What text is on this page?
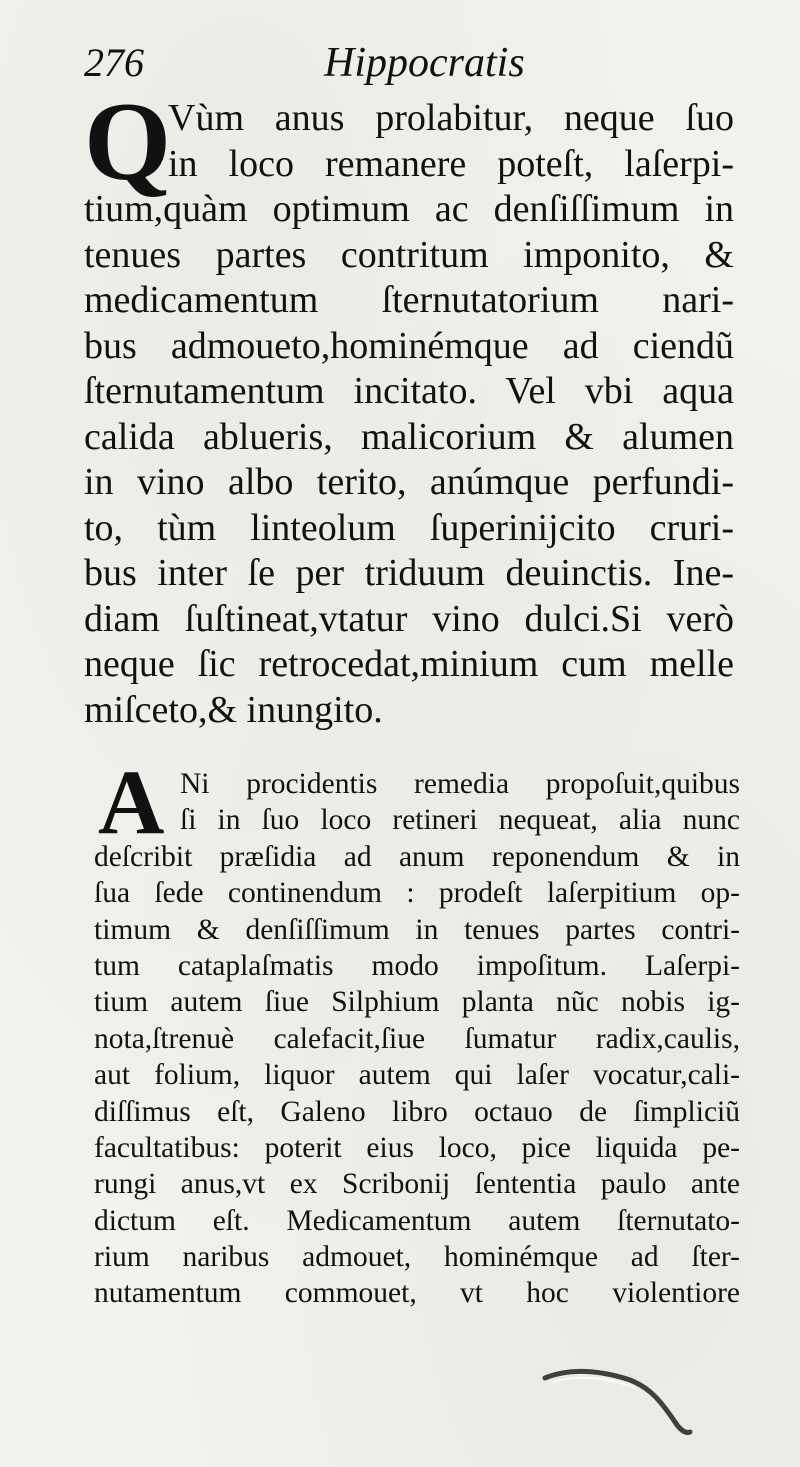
276	Hippocratis
Q
Vùm anus prolabitur, neque ſuo
in loco remanere poteſt, laſerpi-
tium,quàm optimum ac denſiſſimum in
tenues partes contritum imponito, &
medicamentum ſternutatorium nari-
bus admoueto,hominémque ad ciendũ
ſternutamentum incitato. Vel vbi aqua
calida ablueris, malicorium & alumen
in vino albo terito, anúmque perfundi-
to, tùm linteolum ſuperinijcito cruri-
bus inter ſe per triduum deuinctis. Ine-
diam ſuſtineat,vtatur vino dulci.Si verò
neque ſic retrocedat,minium cum melle
miſceto,& inungito.
A Ni procidentis remedia propoſuit,quibus
ſi in ſuo loco retineri nequeat, alia nunc
deſcribit præſidia ad anum reponendum & in
ſua ſede continendum : prodeſt laſerpitium op-
timum & denſiſſimum in tenues partes contri-
tum cataplaſmatis modo impoſitum. Laſerpi-
tium autem ſiue Silphium planta nũc nobis ig-
nota,ſtrenuè calefacit,ſiue ſumatur radix,caulis,
aut folium, liquor autem qui laſer vocatur,cali-
diſſimus eſt, Galeno libro octauo de ſimpliciũ
facultatibus: poterit eius loco, pice liquida pe-
rungi anus,vt ex Scribonij ſententia paulo ante
dictum eſt. Medicamentum autem ſternutato-
rium naribus admouet, hominémque ad ſter-
nutamentum commouet, vt hoc violentiore
